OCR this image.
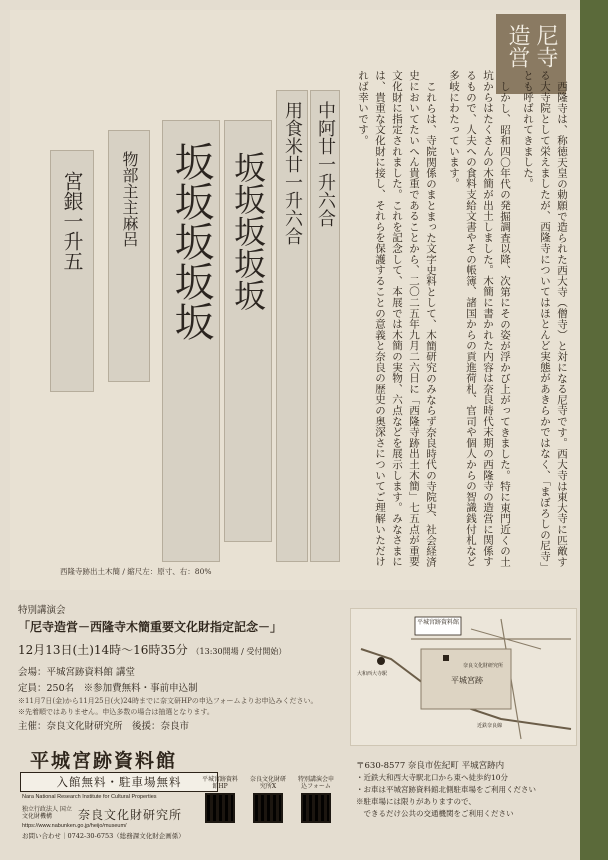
尼寺
造営

西隆寺は、称徳天皇の勅願で造られた西大寺（僧寺）と対になる尼寺です。西大寺は東大寺に匹敵する大寺院として栄えましたが、西隆寺についてはほとんど実態があきらかではなく、「まぼろしの尼寺」とも呼ばれてきました。

しかし、昭和四〇年代の発掘調査以降、次第にその姿が浮かび上がってきました。特に東門近くの土坑からはたくさんの木簡が出土しました。木簡に書かれた内容は奈良時代末期の西隆寺の造営に関係するもので、人夫への食料支給文書やその帳簿、諸国からの貢進荷札、官司や個人からの智識銭付札など多岐にわたっています。

これらは、寺院関係のまとまった文字史料として、木簡研究のみならず奈良時代の寺院史、社会経済史においてたいへん貴重であることから、二〇二五年九月二六日に「西隆寺跡出土木簡」七五点が重要文化財に指定されました。これを記念して、本展では木簡の実物、六点などを展示します。みなさまには、貴重な文化財に接し、それらを保護することの意義と奈良の歴史の奥深さについてご理解いただければ幸いです。

宮銀一升五 物部主主麻呂 坂坂坂坂坂 坂坂坂坂坂 用食米廿一升六合 中阿廿一升六合
西隆寺跡出土木簡 / 縮尺左：原寸、右：80%
特別講演会
「尼寺造営－西隆寺木簡重要文化財指定記念－」
12月13日(土)14時～16時35分 （13:30開場 / 受付開始）
会場：平城宮跡資料館 講堂
定員：250名　※参加費無料・事前申込制
※11月7日(金)から11月25日(火)24時までに奈文研HPの申込フォームよりお申込みください。
※先着順ではありません。申込多数の場合は抽選となります。
主催：奈良文化財研究所　後援：奈良市
平城宮跡資料館
平城宮跡
奈良文化財研究所
大和西大寺駅
近鉄奈良線
平城宮跡資料館
入館無料・駐車場無料
Nara National Research Institute for Cultural Properties
独立行政法人 国立文化財機構	奈良文化財研究所
https://www.nabunken.go.jp/heijo/museum/
お問い合わせ｜0742-30-6753（総務課文化財企画係）
平城宮跡資料館HP
奈良文化財研究所X
特別講演会申込フォーム
〒630-8577 奈良市佐紀町 平城宮跡内
・近鉄大和西大寺駅北口から東へ徒歩約10分
・お車は平城宮跡資料館北側駐車場をご利用ください
※駐車場には限りがありますので、
　できるだけ公共の交通機関をご利用ください
